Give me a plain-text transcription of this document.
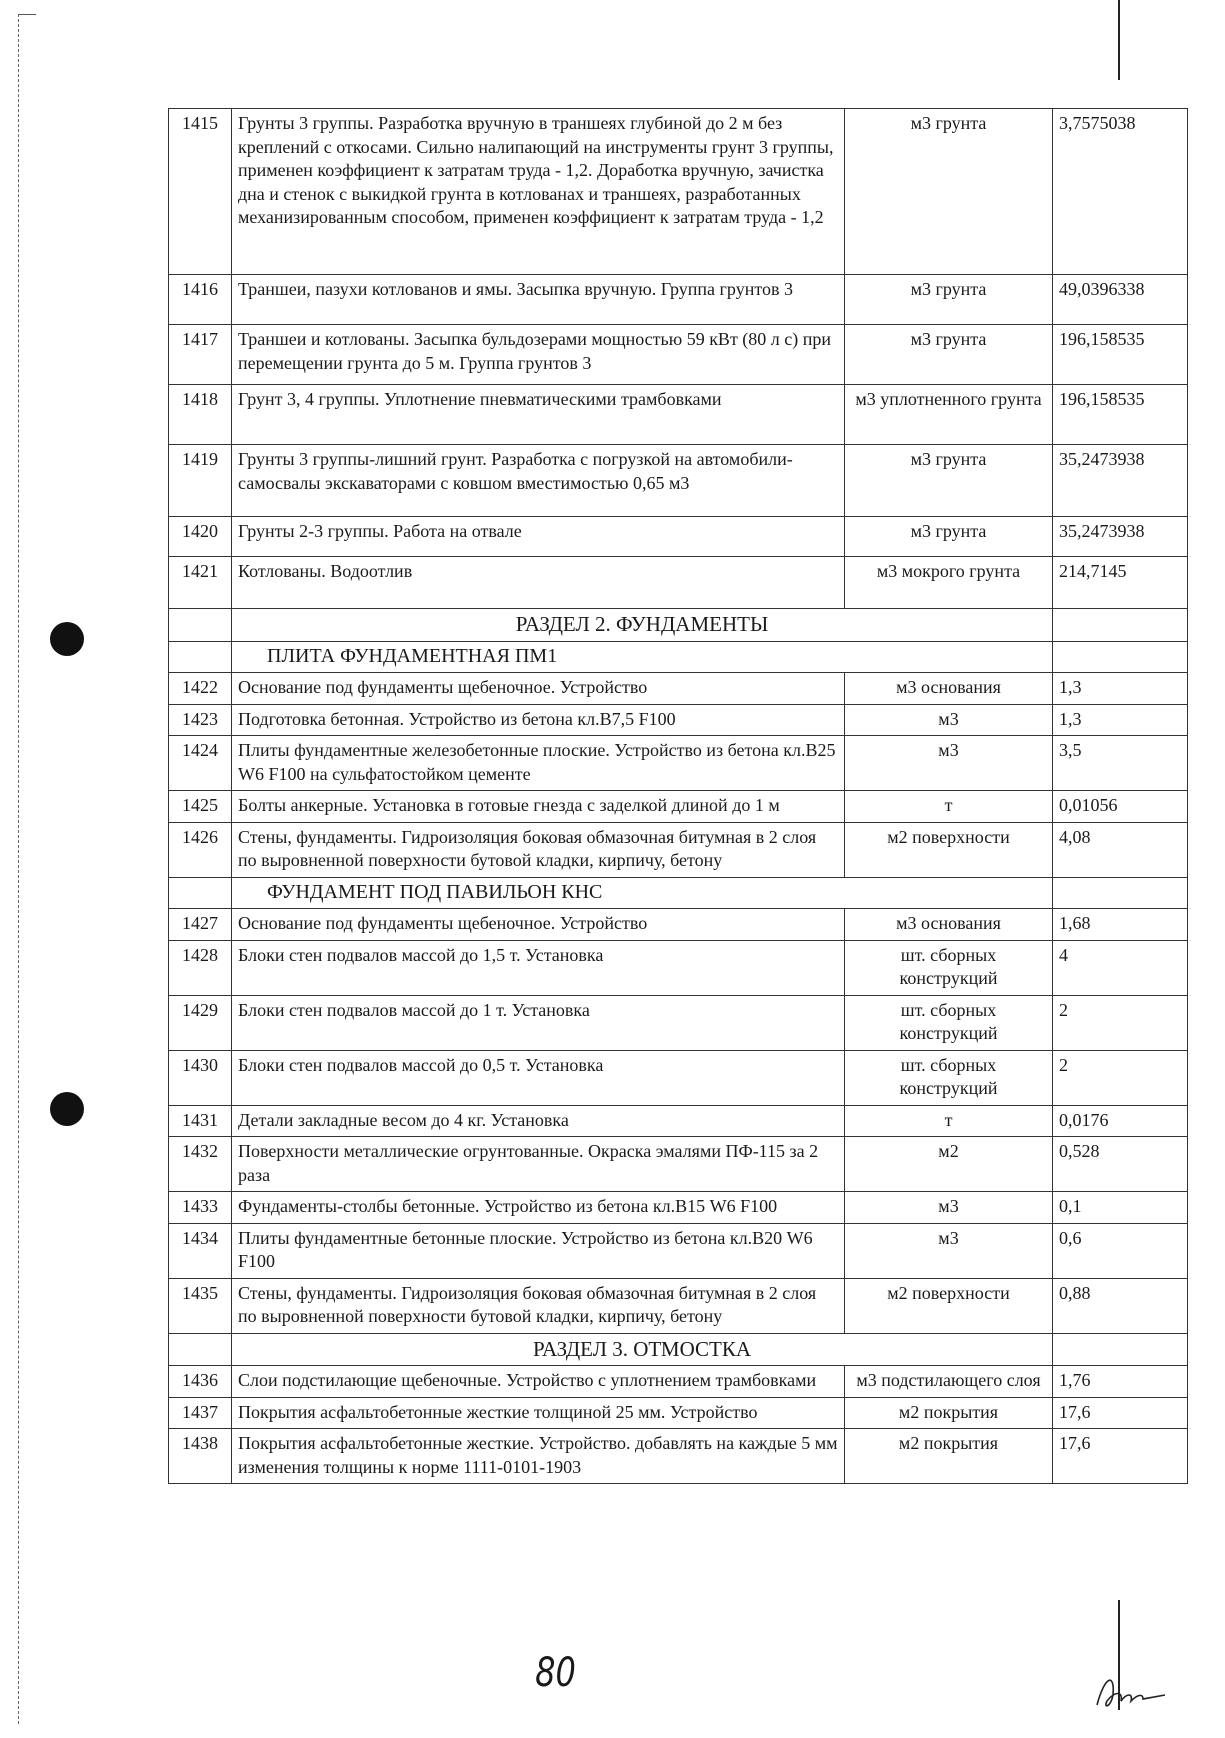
1415	Грунты 3 группы. Разработка вручную в траншеях глубиной до 2 м без креплений с откосами. Сильно налипающий на инструменты грунт 3 группы, применен коэффициент к затратам труда - 1,2. Доработка вручную, зачистка дна и стенок с выкидкой грунта в котлованах и траншеях, разработанных механизированным способом, применен коэффициент к затратам труда - 1,2	м3 грунта	3,7575038
1416	Траншеи, пазухи котлованов и ямы. Засыпка вручную. Группа грунтов 3	м3 грунта	49,0396338
1417	Траншеи и котлованы. Засыпка бульдозерами мощностью 59 кВт (80 л с) при перемещении грунта до 5 м. Группа грунтов 3	м3 грунта	196,158535
1418	Грунт 3, 4 группы. Уплотнение пневматическими трамбовками	м3 уплотненного грунта	196,158535
1419	Грунты 3 группы-лишний грунт. Разработка с погрузкой на автомобили-самосвалы экскаваторами с ковшом вместимостью 0,65 м3	м3 грунта	35,2473938
1420	Грунты 2-3 группы. Работа на отвале	м3 грунта	35,2473938
1421	Котлованы. Водоотлив	м3 мокрого грунта	214,7145
	РАЗДЕЛ 2. ФУНДАМЕНТЫ		
	ПЛИТА ФУНДАМЕНТНАЯ ПМ1		
1422	Основание под фундаменты щебеночное. Устройство	м3 основания	1,3
1423	Подготовка бетонная. Устройство из бетона кл.В7,5 F100	м3	1,3
1424	Плиты фундаментные железобетонные плоские. Устройство из бетона кл.В25 W6 F100 на сульфатостойком цементе	м3	3,5
1425	Болты анкерные. Установка в готовые гнезда с заделкой длиной до 1 м	т	0,01056
1426	Стены, фундаменты. Гидроизоляция боковая обмазочная битумная в 2 слоя по выровненной поверхности бутовой кладки, кирпичу, бетону	м2 поверхности	4,08
	ФУНДАМЕНТ ПОД ПАВИЛЬОН КНС		
1427	Основание под фундаменты щебеночное. Устройство	м3 основания	1,68
1428	Блоки стен подвалов массой до 1,5 т. Установка	шт. сборных конструкций	4
1429	Блоки стен подвалов массой до 1 т. Установка	шт. сборных конструкций	2
1430	Блоки стен подвалов массой до 0,5 т. Установка	шт. сборных конструкций	2
1431	Детали закладные весом до 4 кг. Установка	т	0,0176
1432	Поверхности металлические огрунтованные. Окраска эмалями ПФ-115 за 2 раза	м2	0,528
1433	Фундаменты-столбы бетонные. Устройство из бетона кл.В15 W6 F100	м3	0,1
1434	Плиты фундаментные бетонные плоские. Устройство из бетона кл.В20 W6 F100	м3	0,6
1435	Стены, фундаменты. Гидроизоляция боковая обмазочная битумная в 2 слоя по выровненной поверхности бутовой кладки, кирпичу, бетону	м2 поверхности	0,88
	РАЗДЕЛ 3. ОТМОСТКА		
1436	Слои подстилающие щебеночные. Устройство с уплотнением трамбовками	м3 подстилающего слоя	1,76
1437	Покрытия асфальтобетонные жесткие толщиной 25 мм. Устройство	м2 покрытия	17,6
1438	Покрытия асфальтобетонные жесткие. Устройство. добавлять на каждые 5 мм изменения толщины к норме 1111-0101-1903	м2 покрытия	17,6
80
